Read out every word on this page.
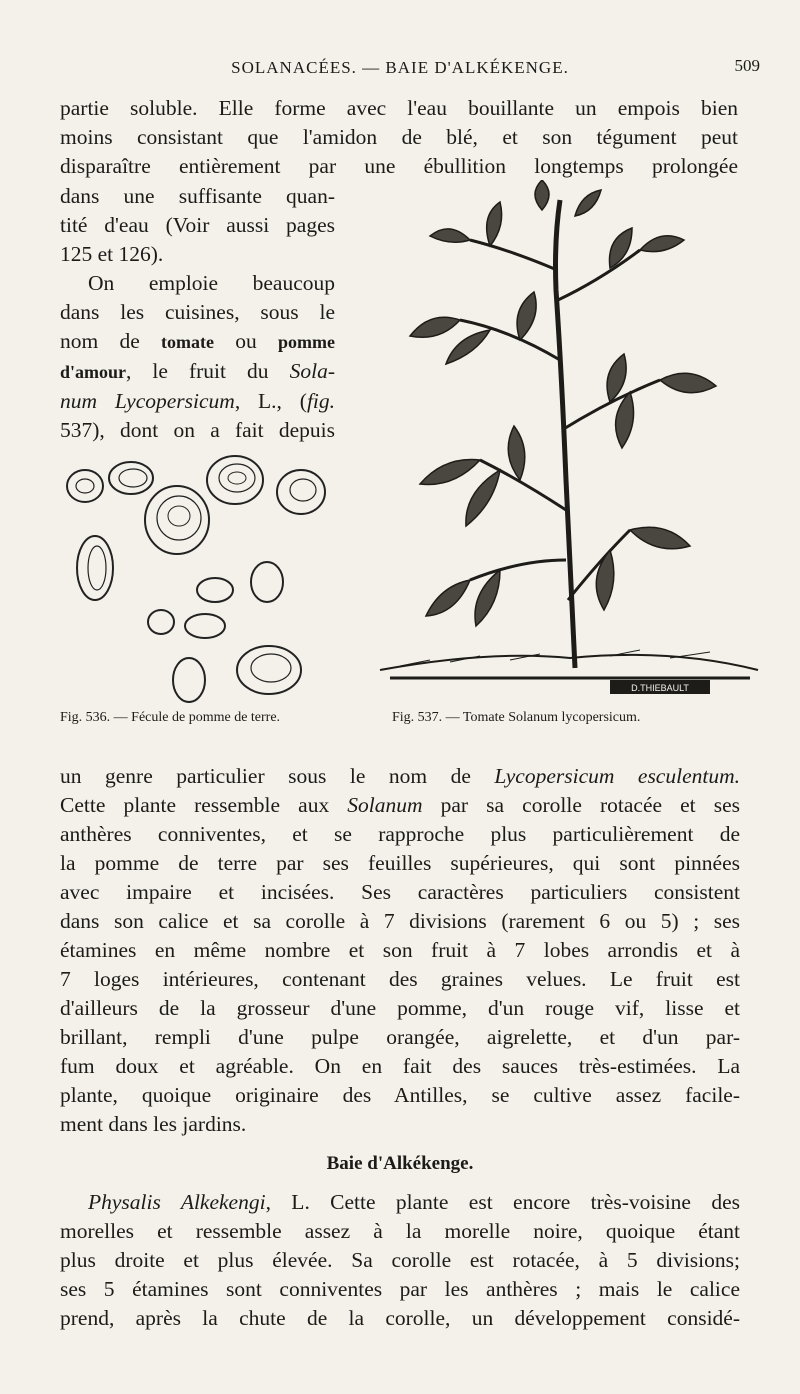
SOLANACÉES. — BAIE D'ALKÉKENGE.	509
partie soluble. Elle forme avec l'eau bouillante un empois bien
moins consistant que l'amidon de blé, et son tégument peut
disparaître entièrement par une ébullition longtemps prolongée
dans une suffisante quan-
tité d'eau (Voir aussi pages
125 et 126).
On emploie beaucoup
dans les cuisines, sous le
nom de tomate ou pomme
d'amour, le fruit du Sola-
num Lycopersicum, L., (fig.
537), dont on a fait depuis
D.THIEBAULT
Fig. 536. — Fécule de pomme de terre.	Fig. 537. — Tomate Solanum lycopersicum.
un genre particulier sous le nom de Lycopersicum esculentum.
Cette plante ressemble aux Solanum par sa corolle rotacée et ses
anthères conniventes, et se rapproche plus particulièrement de
la pomme de terre par ses feuilles supérieures, qui sont pinnées
avec impaire et incisées. Ses caractères particuliers consistent
dans son calice et sa corolle à 7 divisions (rarement 6 ou 5) ; ses
étamines en même nombre et son fruit à 7 lobes arrondis et à
7 loges intérieures, contenant des graines velues. Le fruit est
d'ailleurs de la grosseur d'une pomme, d'un rouge vif, lisse et
brillant, rempli d'une pulpe orangée, aigrelette, et d'un par-
fum doux et agréable. On en fait des sauces très-estimées. La
plante, quoique originaire des Antilles, se cultive assez facile-
ment dans les jardins.
Baie d'Alkékenge.
Physalis Alkekengi, L. Cette plante est encore très-voisine des
morelles et ressemble assez à la morelle noire, quoique étant
plus droite et plus élevée. Sa corolle est rotacée, à 5 divisions;
ses 5 étamines sont conniventes par les anthères ; mais le calice
prend, après la chute de la corolle, un développement considé-
